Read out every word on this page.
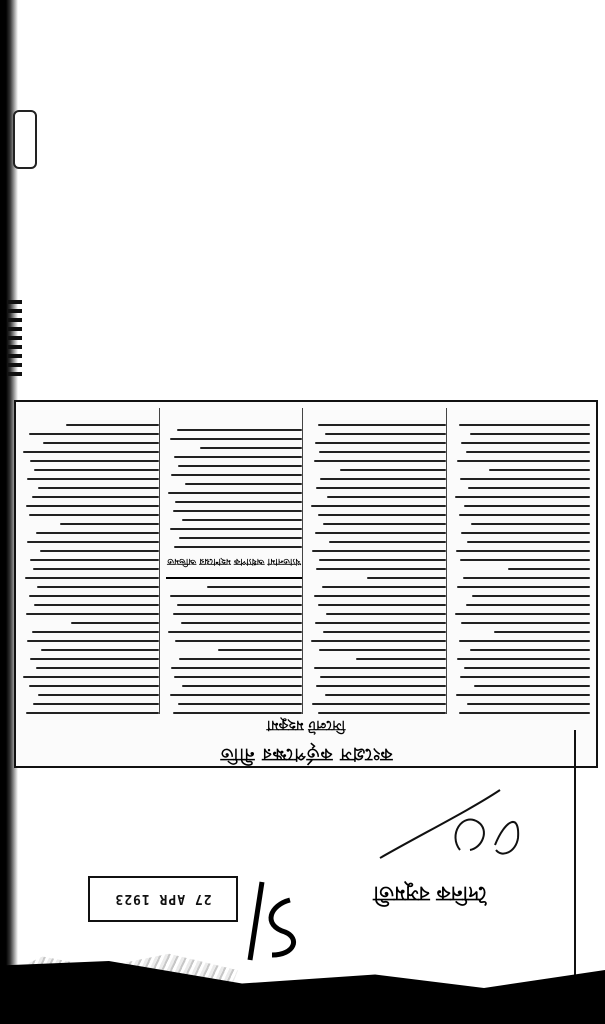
কংগ্রেস কর্তৃপক্ষের নীতি
সিলেট মহকুমা
খ্যাতনামা অধ্যাপক মহাশয়ের অভিমত
27 APR 1923	দৈনিক বসুমতী
